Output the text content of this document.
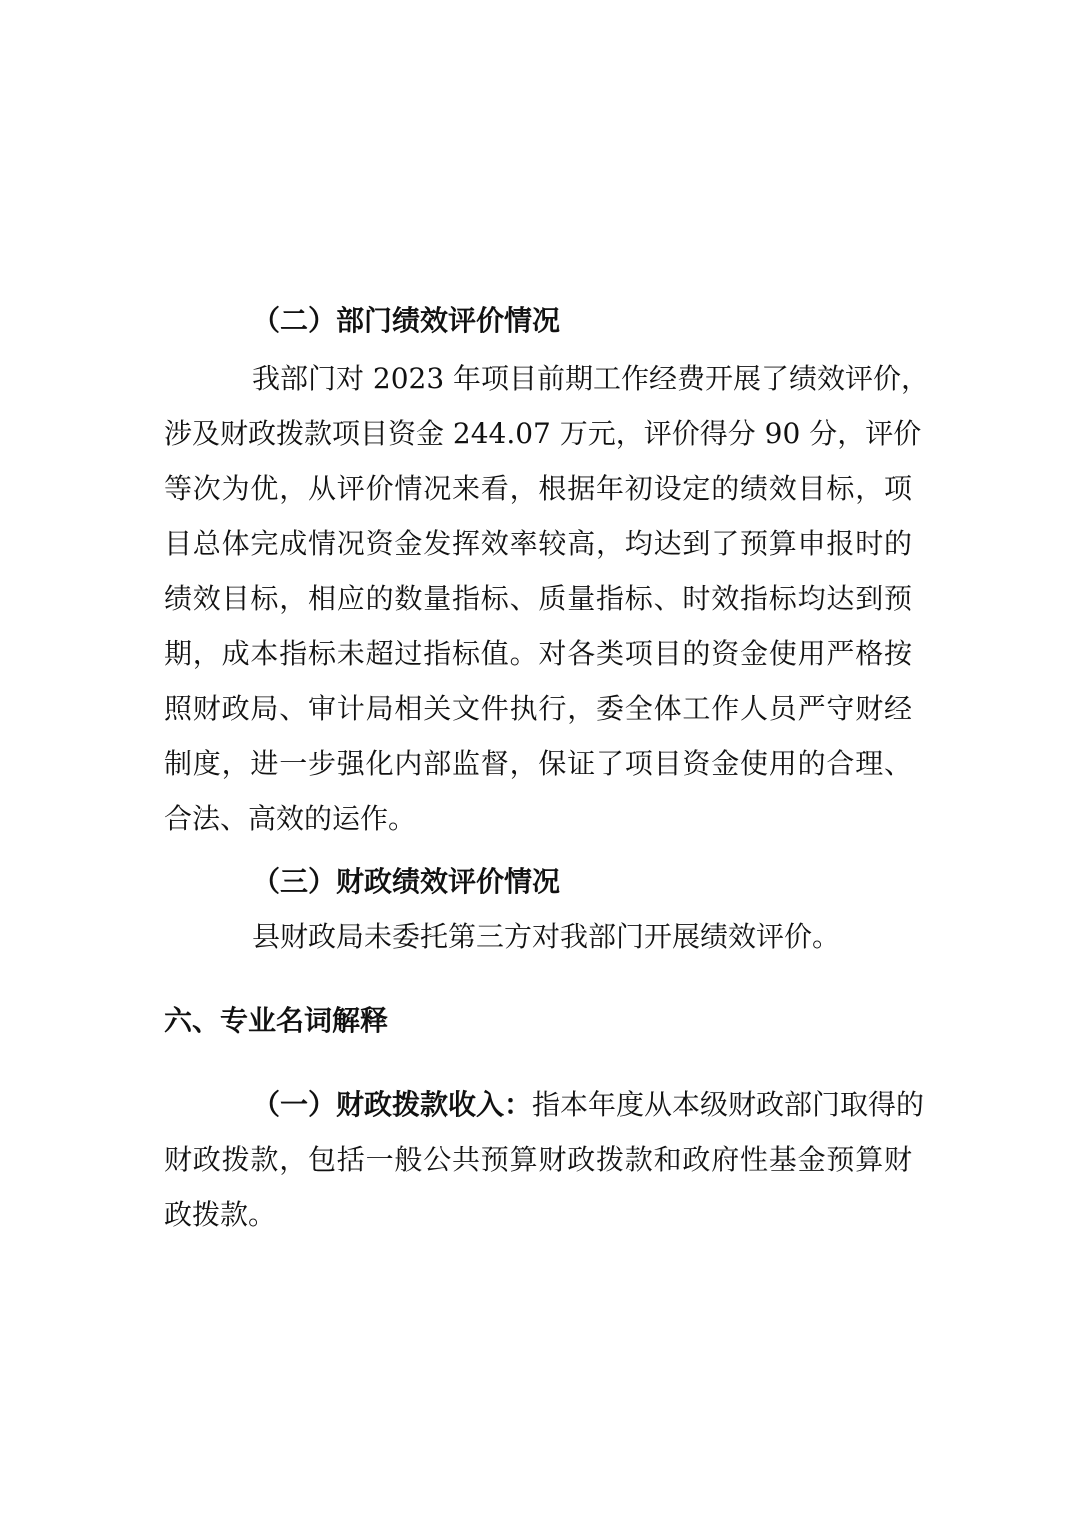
（二）部门绩效评价情况
我部门对 2023 年项目前期工作经费开展了绩效评价，
涉及财政拨款项目资金 244.07 万元，评价得分 90 分，评价
等次为优，从评价情况来看，根据年初设定的绩效目标，项
目总体完成情况资金发挥效率较高，均达到了预算申报时的
绩效目标，相应的数量指标、质量指标、时效指标均达到预
期，成本指标未超过指标值。对各类项目的资金使用严格按
照财政局、审计局相关文件执行，委全体工作人员严守财经
制度，进一步强化内部监督，保证了项目资金使用的合理、
合法、高效的运作。
（三）财政绩效评价情况
县财政局未委托第三方对我部门开展绩效评价。
六、专业名词解释
（一）财政拨款收入： 指本年度从本级财政部门取得的
财政拨款，包括一般公共预算财政拨款和政府性基金预算财
政拨款。
